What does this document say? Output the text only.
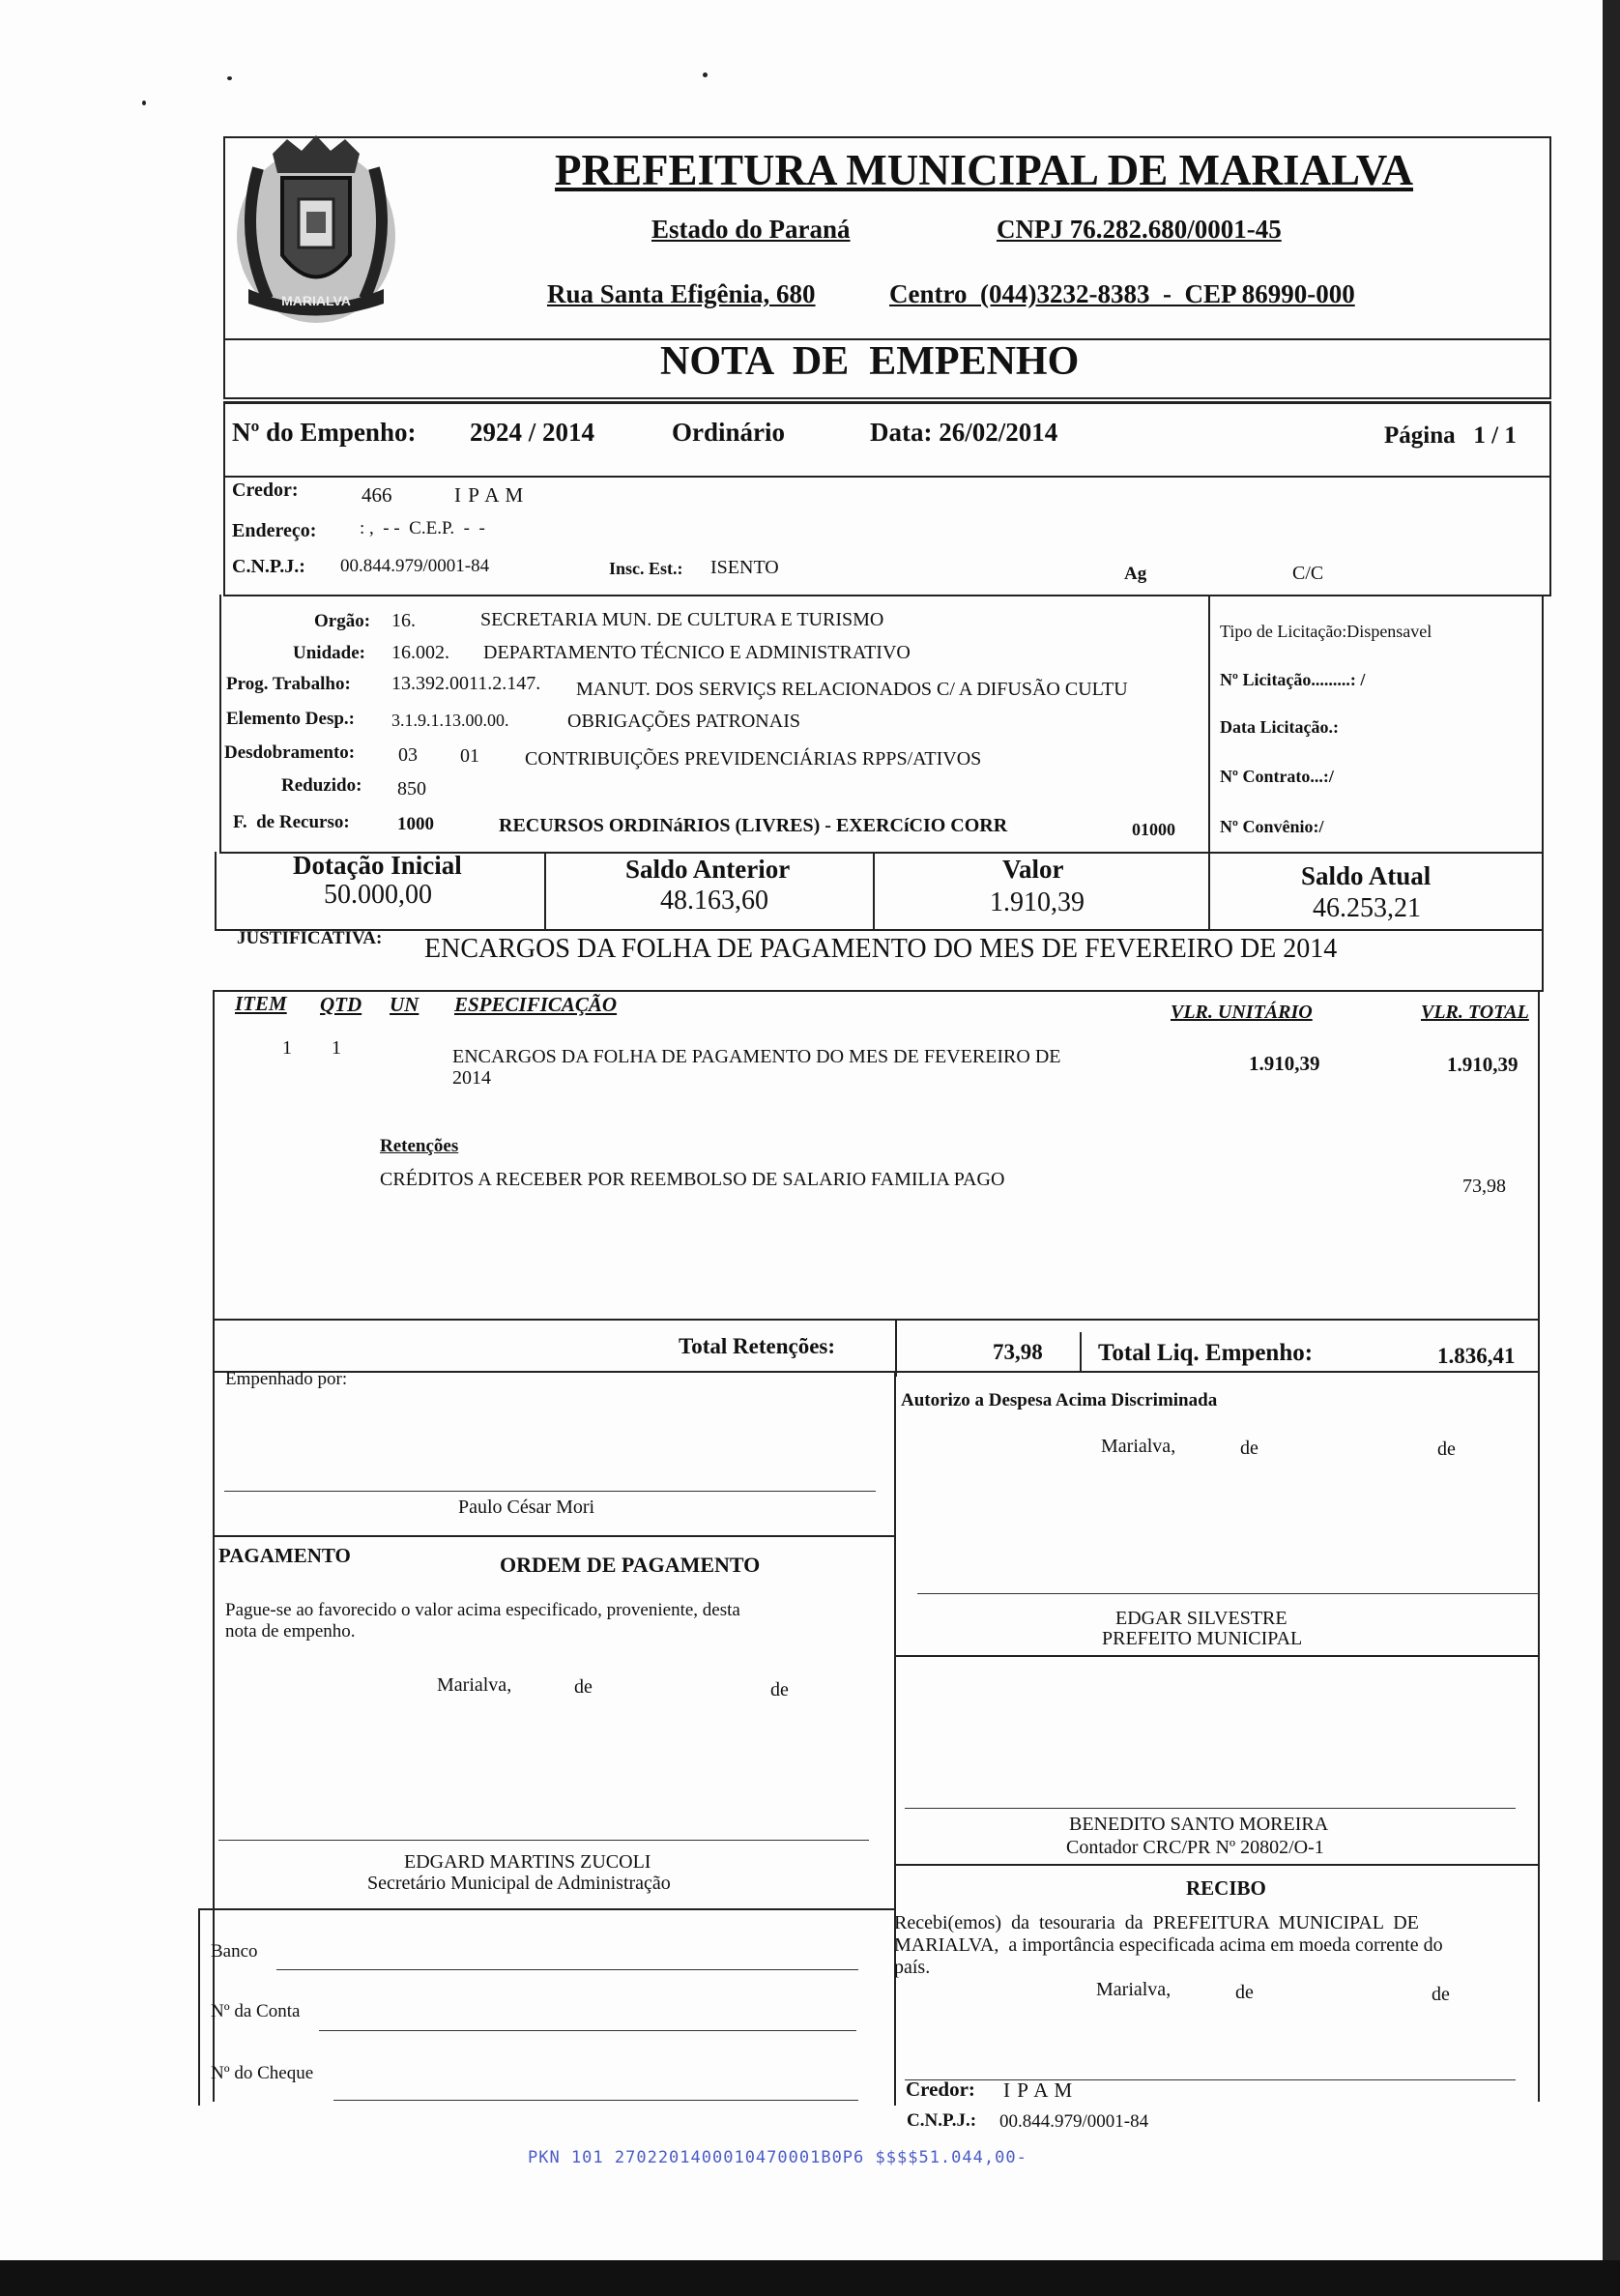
MARIALVA
PREFEITURA MUNICIPAL DE MARIALVA
Estado do Paraná	CNPJ 76.282.680/0001-45
Rua Santa Efigênia, 680	Centro  (044)3232-8383  -  CEP 86990-000
NOTA  DE  EMPENHO
Nº do Empenho: 2924 / 2014	Ordinário	Data: 26/02/2014	Página   1 / 1
Credor:	466	I P A M
Endereço: : ,  - -  C.E.P.  -  -
C.N.P.J.: 00.844.979/0001-84	Insc. Est.: ISENTO	Ag	C/C
Orgão: 16.	SECRETARIA MUN. DE CULTURA E TURISMO
Unidade: 16.002. DEPARTAMENTO TÉCNICO E ADMINISTRATIVO
Prog. Trabalho: 13.392.0011.2.147. MANUT. DOS SERVIÇS RELACIONADOS C/ A DIFUSÃO CULTU
Elemento Desp.: 3.1.9.1.13.00.00.	OBRIGAÇÕES PATRONAIS
Desdobramento: 03 01 CONTRIBUIÇÕES PREVIDENCIÁRIAS RPPS/ATIVOS
Reduzido: 850
F.  de Recurso:	1000	RECURSOS ORDINáRIOS (LIVRES) - EXERCíCIO CORR	01000
Tipo de Licitação:Dispensavel
Nº Licitação.........: /
Data Licitação.:
Nº Contrato...:/
Nº Convênio:/
Dotação Inicial
50.000,00
Saldo Anterior
48.163,60
Valor
1.910,39
Saldo Atual
46.253,21
JUSTIFICATIVA: ENCARGOS DA FOLHA DE PAGAMENTO DO MES DE FEVEREIRO DE 2014
ITEM QTD UN ESPECIFICAÇÃO	VLR. UNITÁRIO	VLR. TOTAL
1 1	ENCARGOS DA FOLHA DE PAGAMENTO DO MES DE FEVEREIRO DE
2014
1.910,39	1.910,39
Retenções
CRÉDITOS A RECEBER POR REEMBOLSO DE SALARIO FAMILIA PAGO	73,98
Total Retenções:	73,98 Total Liq. Empenho:	1.836,41
Empenhado por:
Paulo César Mori
Autorizo a Despesa Acima Discriminada
Marialva,	de	de
PAGAMENTO	ORDEM DE PAGAMENTO
Pague-se ao favorecido o valor acima especificado, proveniente, desta
nota de empenho.
Marialva,	de	de
EDGAR SILVESTRE
PREFEITO MUNICIPAL
EDGARD MARTINS ZUCOLI
Secretário Municipal de Administração
BENEDITO SANTO MOREIRA
Contador CRC/PR Nº 20802/O-1
RECIBO
Recebi(emos)  da  tesouraria  da  PREFEITURA  MUNICIPAL  DE
MARIALVA,  a importância especificada acima em moeda corrente do
país.
Marialva,	de	de
Credor: I P A M
C.N.P.J.: 00.844.979/0001-84
Banco
Nº da Conta
Nº do Cheque
PKN 101 2702201400010470001B0P6 $$$$51.044,00-
